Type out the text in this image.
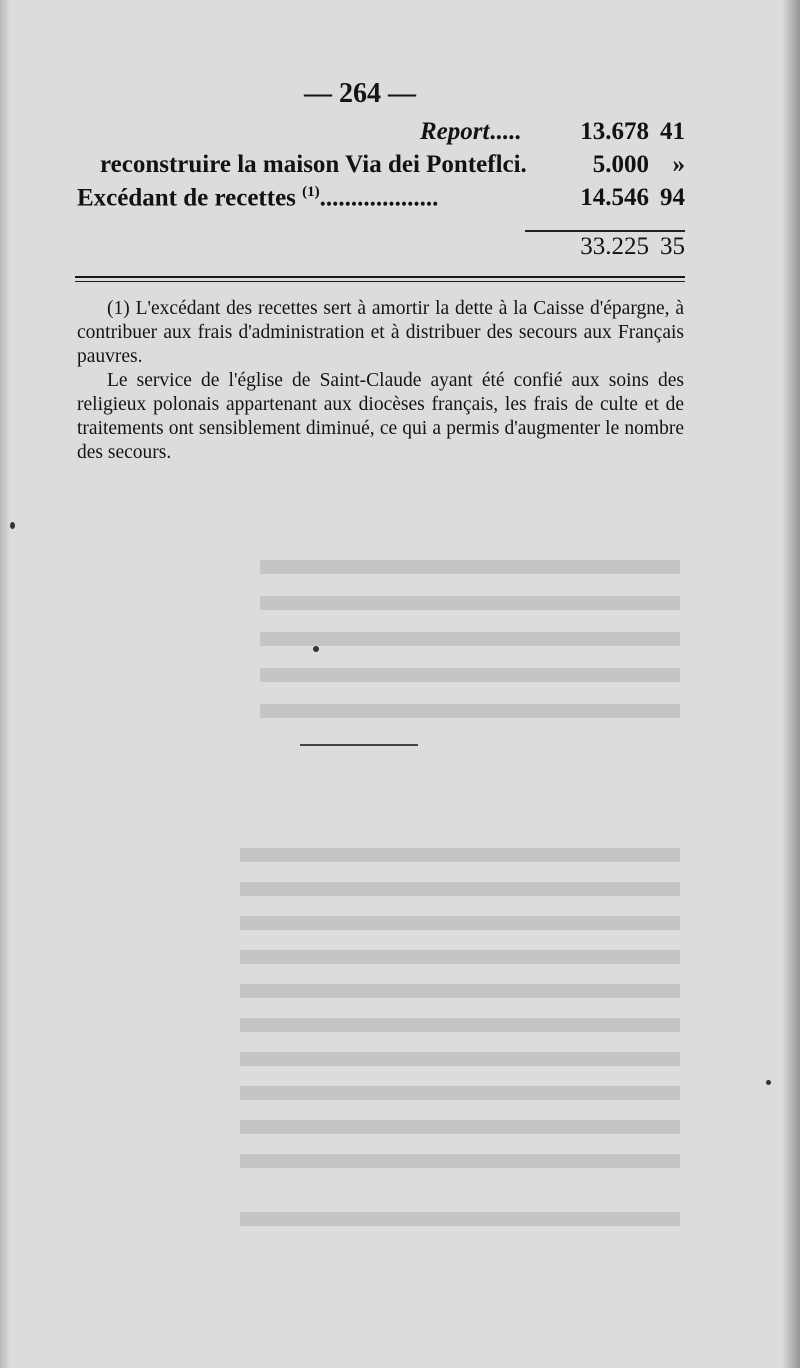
— 264 —
Report..... 13.678 41
reconstruire la maison Via dei Ponteflci.	5.000 »
Excédant de recettes $^{(1)}$...................	14.546 94
33.225 35

(1) L'excédant des recettes sert à amortir la dette à la Caisse d'épargne, à contribuer aux frais d'administration et à distribuer des secours aux Français pauvres.

Le service de l'église de Saint-Claude ayant été confié aux soins des religieux polonais appartenant aux diocèses français, les frais de culte et de traitements ont sensiblement diminué, ce qui a permis d'augmenter le nombre des secours.
